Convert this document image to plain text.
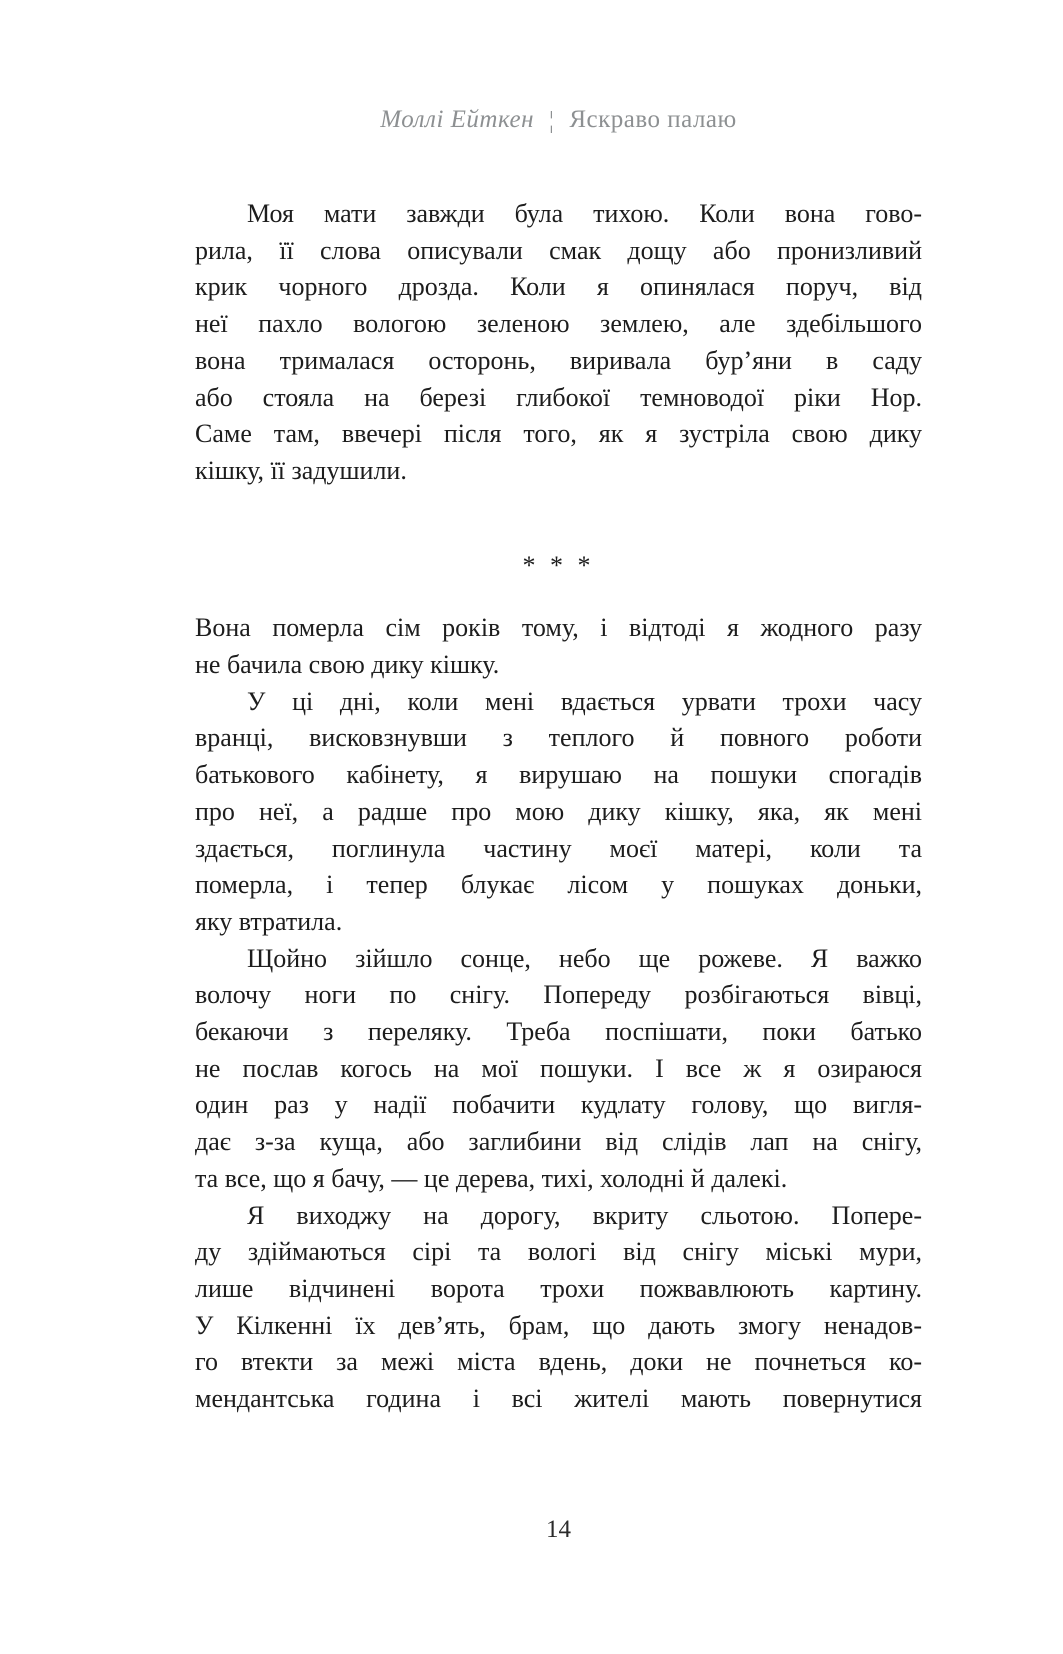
Моллі Ейткен ¦ Яскраво палаю
Моя мати завжди була тихою. Коли вона гово-
рила, її слова описували смак дощу або пронизливий
крик чорного дрозда. Коли я опинялася поруч, від
неї пахло вологою зеленою землею, але здебільшого
вона трималася осторонь, виривала бур’яни в саду
або стояла на березі глибокої темноводої ріки Нор.
Саме там, ввечері після того, як я зустріла свою дику
кішку, її задушили.
* * *
Вона померла сім років тому, і відтоді я жодного разу
не бачила свою дику кішку.
У ці дні, коли мені вдається урвати трохи часу
вранці, висковзнувши з теплого й повного роботи
батькового кабінету, я вирушаю на пошуки спогадів
про неї, а радше про мою дику кішку, яка, як мені
здається, поглинула частину моєї матері, коли та
померла, і тепер блукає лісом у пошуках доньки,
яку втратила.
Щойно зійшло сонце, небо ще рожеве. Я важко
волочу ноги по снігу. Попереду розбігаються вівці,
бекаючи з переляку. Треба поспішати, поки батько
не послав когось на мої пошуки. І все ж я озираюся
один раз у надії побачити кудлату голову, що вигля-
дає з-за куща, або заглибини від слідів лап на снігу,
та все, що я бачу, — це дерева, тихі, холодні й далекі.
Я виходжу на дорогу, вкриту сльотою. Попере-
ду здіймаються сірі та вологі від снігу міські мури,
лише відчинені ворота трохи пожвавлюють картину.
У Кілкенні їх дев’ять, брам, що дають змогу ненадов-
го втекти за межі міста вдень, доки не почнеться ко-
мендантська година і всі жителі мають повернутися
14
